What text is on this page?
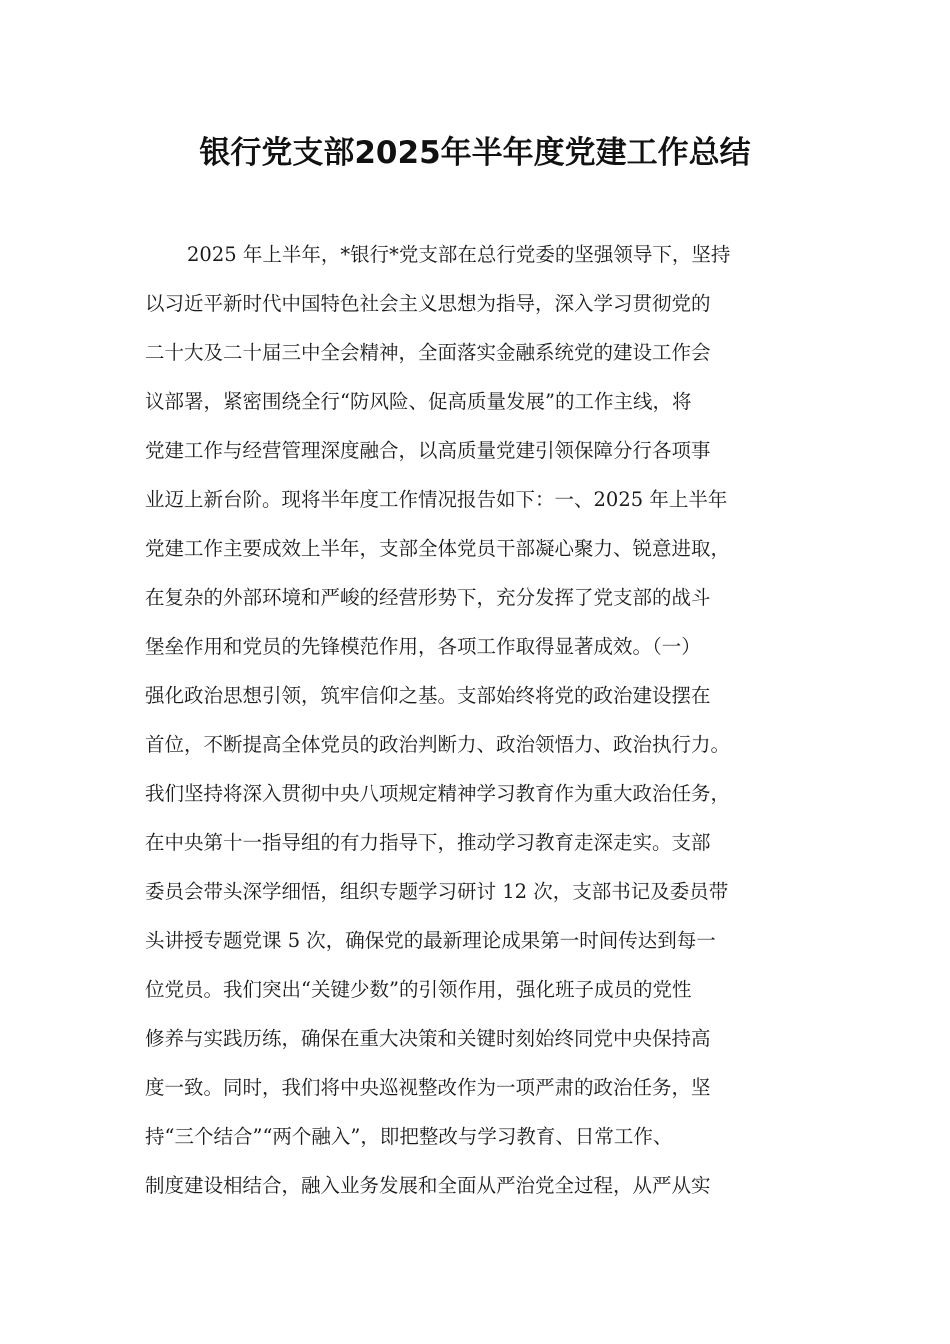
银行党支部2025年半年度党建工作总结
2025 年上半年，*银行*党支部在总行党委的坚强领导下，坚持
以习近平新时代中国特色社会主义思想为指导，深入学习贯彻党的
二十大及二十届三中全会精神，全面落实金融系统党的建设工作会
议部署，紧密围绕全行“防风险、促高质量发展”的工作主线，将
党建工作与经营管理深度融合，以高质量党建引领保障分行各项事
业迈上新台阶。现将半年度工作情况报告如下：一、2025 年上半年
党建工作主要成效上半年，支部全体党员干部凝心聚力、锐意进取，
在复杂的外部环境和严峻的经营形势下，充分发挥了党支部的战斗
堡垒作用和党员的先锋模范作用，各项工作取得显著成效。（一）
强化政治思想引领，筑牢信仰之基。支部始终将党的政治建设摆在
首位，不断提高全体党员的政治判断力、政治领悟力、政治执行力。
我们坚持将深入贯彻中央八项规定精神学习教育作为重大政治任务，
在中央第十一指导组的有力指导下，推动学习教育走深走实。支部
委员会带头深学细悟，组织专题学习研讨 12 次，支部书记及委员带
头讲授专题党课 5 次，确保党的最新理论成果第一时间传达到每一
位党员。我们突出“关键少数”的引领作用，强化班子成员的党性
修养与实践历练，确保在重大决策和关键时刻始终同党中央保持高
度一致。同时，我们将中央巡视整改作为一项严肃的政治任务，坚
持“三个结合”“两个融入”，即把整改与学习教育、日常工作、
制度建设相结合，融入业务发展和全面从严治党全过程，从严从实
